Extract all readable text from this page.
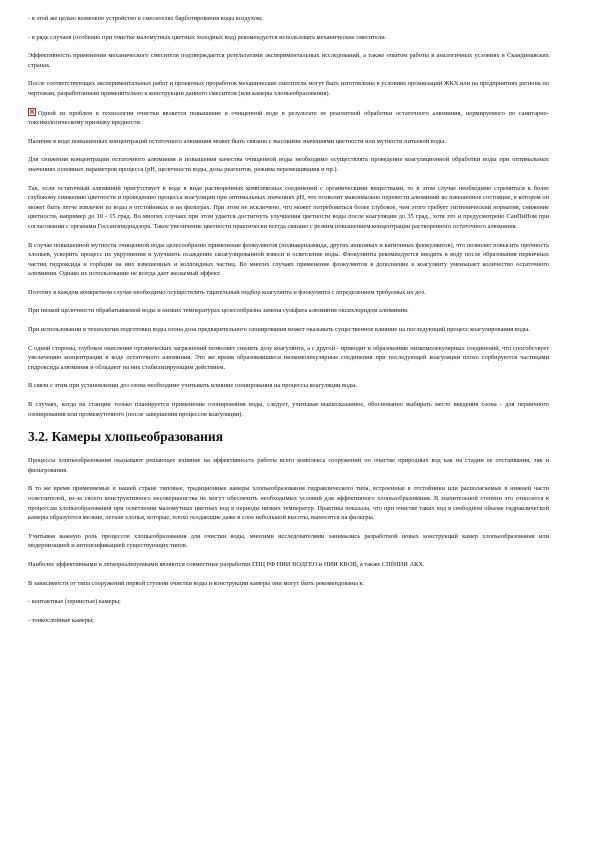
- в этой же целью возможно устройство в смесителях барботирования воды воздухом;

- в ряде случаев (особенно при очистке маломутных цветных холодных вод) рекомендуется использовать механические смесители.

Эффективность применения механического смесителя подтверждается результатами экспериментальных исследований, а также опытом работы в аналогичных условиях в Скандинавских странах.

После соответствующих экспериментальных работ и проектных проработок механические смесители могут быть изготовлены в условиях организаций ЖКХ или на предприятиях региона по чертежам, разработанным применительно к конструкции данного смесителя (или камеры хлопьеобразования).

Одной из проблем в технологии очистки является повышение в очищенной воде в результате ее реагентной обработки остаточного алюминия, нормируемого по санитарно-токсикологическому признаку вредности.

Наличие в воде повышенных концентраций остаточного алюминия может быть связано с высокими значениями цветности или мутности питьевой воды.

Для снижения концентрации остаточного алюминия и повышения качества очищенной воды необходимо осуществлять проведение коагуляционной обработки воды при оптимальных значениях основных параметров процесса (pH, щелочности воды, дозы реагентов, режима перемешивания и пр.).

Так, если остаточный алюминий присутствует в воде в виде растворенных комплексных соединений с органическими веществами, то в этом случае необходимо стремиться к более глубокому снижению цветности и проведению процесса коагуляции при оптимальных значениях pH, что позволит максимально перевести алюминий во взвешенное состояние, в котором он может быть легче извлечен из воды в отстойниках и на фильтрах. При этом не исключено, что может потребоваться более глубокое, чем этого требует гигиенический норматив, снижение цветности, например до 10 - 15 град. Во многих случаях при этом удается достигнуть улучшения цветности воды после коагуляции до 35 град., хотя это и предусмотрено СанПиНом при согласовании с органами Госсанэпиднадзора. Такое увеличение цветности практически всегда связано с резким повышением концентрации растворенного остаточного алюминия.

В случае повышенной мутности очищенной воды целесообразно применение флокулянтов (полиакриламида, других анионных и катионных флокулянтов), что позволит повысить прочность хлопьев, ускорить процесс их укрупнения и улучшить осаждение скоагулированной взвеси и осветление воды. Флокулянты рекомендуется вводить в воду после образования первичных частиц гидроксида и сорбции на них взвешенных и коллоидных частиц. Во многих случаях применение флокулянтов в дополнение к коагулянту уменьшает количество остаточного алюминия. Однако их использование не всегда дает желаемый эффект.

Поэтому в каждом конкретном случае необходимо осуществлять тщательный подбор коагулянта и флокулянта с определением требуемых их доз.

При низкой щелочности обрабатываемой воды и низких температурах целесообразна замена сульфата алюминия оксихлоридом алюминия.

При использовании в технологии подготовки воды озона доза предварительного озонирования может оказывать существенное влияние на последующий процесс коагулирования воды.

С одной стороны, глубокое окисление органических загрязнений позволяет снизить дозу коагулянта, а с другой - приводит к образованию низкомолекулярных соединений, что способствует увеличению концентрации в воде остаточного алюминия. Это же время образовавшиеся низкомолекулярные соединения при последующей коагуляции плохо сорбируются частицами гидроксида алюминия и обладают на них стабилизирующим действием.

В связи с этим при установлении доз озона необходимо учитывать влияние озонирования на процессы коагуляции воды.

В случаях, когда на станции только планируется применение озонирования воды, следует, учитывая вышесказанное, обоснованно выбирать место введения озона - для первичного озонирования или промежуточного (после завершения процессов коагуляции).

3.2. Камеры хлопьеобразования

Процессы хлопьеобразования оказывают решающее влияние на эффективность работы всего комплекса сооружений по очистке природных вод как на стадии ее отстаивания, так и фильтрования.

В то же время применяемые в нашей стране типовые, традиционные камеры хлопьеобразования гидравлического типа, встроенные в отстойники или располагаемые в нижней части осветлителей, из-за своего конструктивного несовершенства не могут обеспечить необходимых условий для эффективного хлопьеобразования. В значительной степени это относится к процессам хлопьеобразования при осветлении маломутных цветных вод в периоды низких температур. Практика показала, что при очистке таких вод в свободном объеме гидравлической камеры образуются мелкие, легкие хлопья, которые, плохо оседающие даже в слое небольшой высоты, выносятся на фильтры.

Учитывая важную роль процессов хлопьеобразования для очистки воды, многими исследователями занимались разработкой новых конструкций камер хлопьеобразования или модернизацией и интенсификацией существующих типов.

Наиболее эффективными и легкореализуемыми являются совместные разработки ГНЦ РФ НИИ ВОДГЕО и НИИ КВОВ, а также СПбНИИ АКХ.

В зависимости от типа сооружений первой ступени очистки воды и конструкции камеры они могут быть рекомендованы к:

- контактные (зернистые) камеры;

- тонкослойные камеры;
